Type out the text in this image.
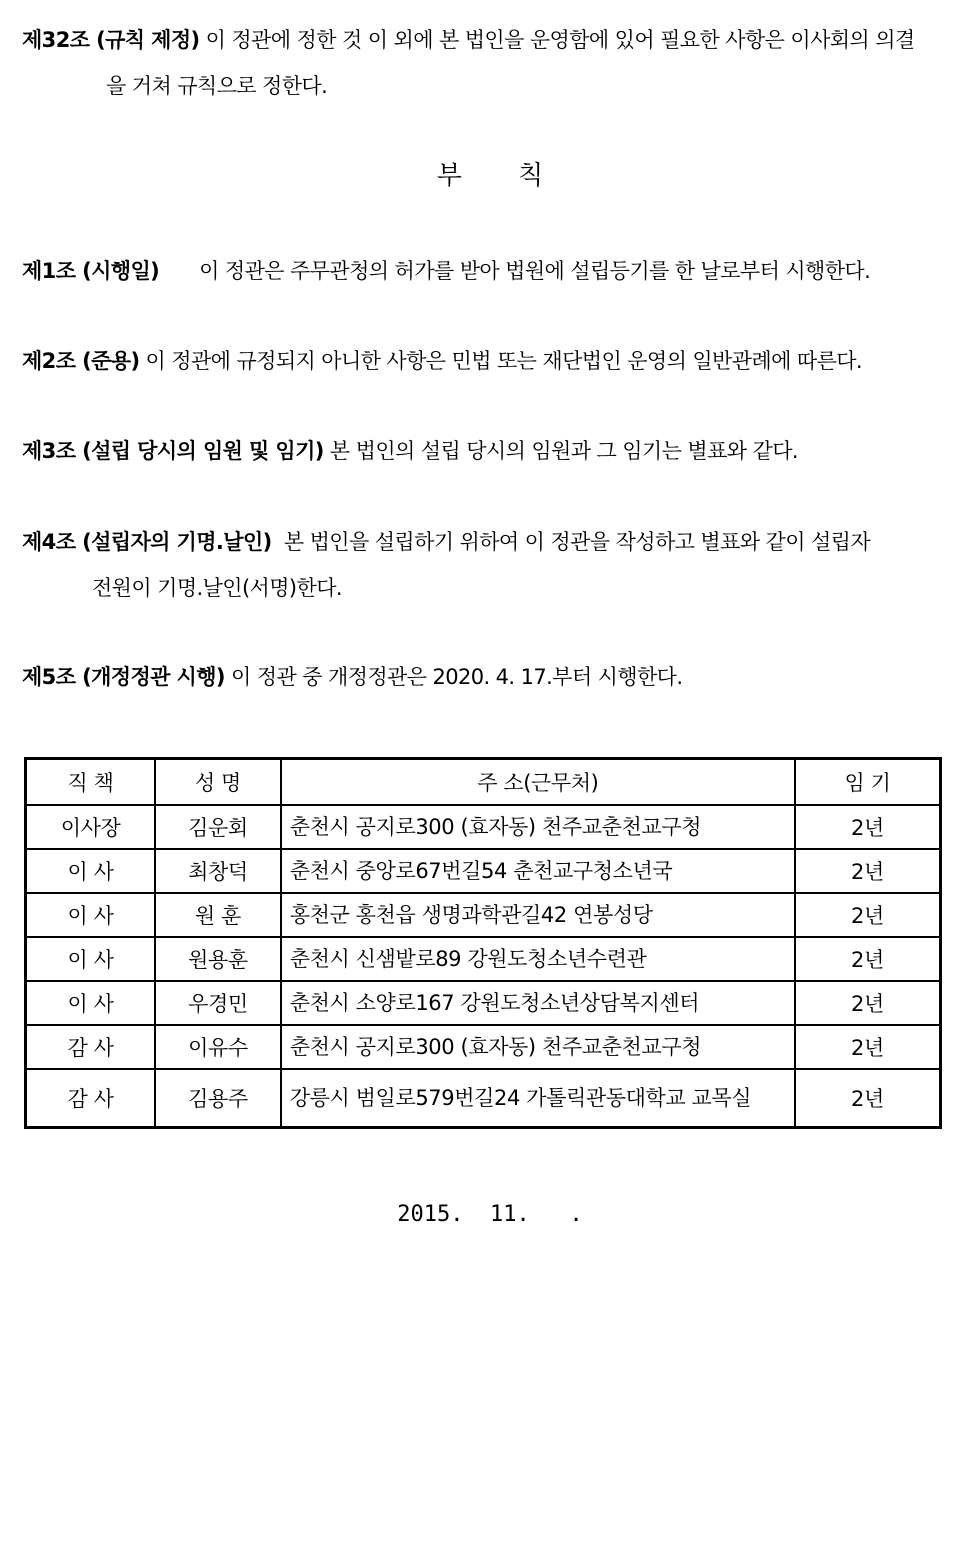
제32조 (규칙 제정) 이 정관에 정한 것 이 외에 본 법인을 운영함에 있어 필요한 사항은 이사회의 의결
을 거쳐 규칙으로 정한다.
부 칙
제1조 (시행일) 이 정관은 주무관청의 허가를 받아 법원에 설립등기를 한 날로부터 시행한다.
제2조 (준용) 이 정관에 규정되지 아니한 사항은 민법 또는 재단법인 운영의 일반관례에 따른다.
제3조 (설립 당시의 임원 및 임기) 본 법인의 설립 당시의 임원과 그 임기는 별표와 같다.
제4조 (설립자의 기명.날인) 본 법인을 설립하기 위하여 이 정관을 작성하고 별표와 같이 설립자
전원이 기명.날인(서명)한다.
제5조 (개정정관 시행) 이 정관 중 개정정관은 2020. 4. 17.부터 시행한다.
직 책	성 명	주 소(근무처)	임 기
이사장	김운회	춘천시 공지로300 (효자동) 천주교춘천교구청	2년
이 사	최창덕	춘천시 중앙로67번길54 춘천교구청소년국	2년
이 사	원 훈	홍천군 홍천읍 생명과학관길42 연봉성당	2년
이 사	원용훈	춘천시 신샘밭로89 강원도청소년수련관	2년
이 사	우경민	춘천시 소양로167 강원도청소년상담복지센터	2년
감 사	이유수	춘천시 공지로300 (효자동) 천주교춘천교구청	2년
감 사	김용주	강릉시 범일로579번길24 가톨릭관동대학교 교목실	2년
2015.  11.   .
